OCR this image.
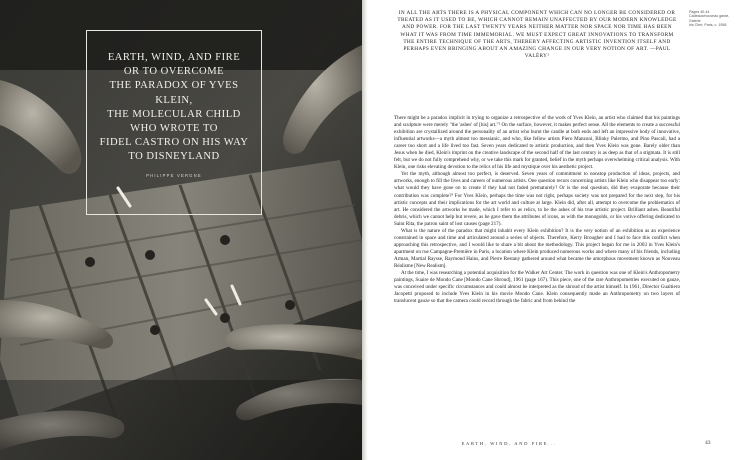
EARTH, WIND, AND FIRE
OR TO OVERCOME
THE PARADOX OF YVES KLEIN,
THE MOLECULAR CHILD
WHO WROTE TO
FIDEL CASTRO ON HIS WAY
TO DISNEYLAND
PHILIPPE VERGNE
Pages 40-44
Cadeaux/nouveau garde, Galerie
Iris Clert, Paris, c. 1958
IN ALL THE ARTS THERE IS A PHYSICAL COMPONENT WHICH CAN NO LONGER BE CONSIDERED OR TREATED AS IT USED TO BE, WHICH CANNOT REMAIN UNAFFECTED BY OUR MODERN KNOWLEDGE AND POWER. FOR THE LAST TWENTY YEARS NEITHER MATTER NOR SPACE NOR TIME HAS BEEN WHAT IT WAS FROM TIME IMMEMORIAL. WE MUST EXPECT GREAT INNOVATIONS TO TRANSFORM THE ENTIRE TECHNIQUE OF THE ARTS, THEREBY AFFECTING ARTISTIC INVENTION ITSELF AND PERHAPS EVEN BRINGING ABOUT AN AMAZING CHANGE IN OUR VERY NOTION OF ART. —PAUL VALÉRY¹

There might be a paradox implicit in trying to organize a retrospective of the work of Yves Klein, an artist who claimed that his paintings and sculpture were merely "the 'ashes' of [his] art."² On the surface, however, it makes perfect sense. All the elements to create a successful exhibition are crystallized around the personality of an artist who burnt the candle at both ends and left an impressive body of innovative, influential artworks—a myth almost too messianic, and who, like fellow artists Piero Manzoni, Blinky Palermo, and Pino Pascali, had a career too short and a life lived too fast. Seven years dedicated to artistic production, and then Yves Klein was gone. Barely older than Jesus when he died, Klein's imprint on the creative landscape of the second half of the last century is as deep as that of a stigmata. It is still felt, but we do not fully comprehend why, or we take this mark for granted, belief in the myth perhaps overwhelming critical analysis. With Klein, one risks elevating devotion to the relics of his life and mystique over his aesthetic project.

Yet the myth, although almost too perfect, is deserved. Seven years of commitment to nonstop production of ideas, projects, and artworks, enough to fill the lives and careers of numerous artists. One question recurs concerning artists like Klein who disappear too early: what would they have gone on to create if they had not faded prematurely? Or is the real question, did they evaporate because their contribution was complete?³ For Yves Klein, perhaps the time was not right, perhaps society was not prepared for the next step, for his artistic concepts and their implications for the art world and culture at large. Klein did, after all, attempt to overcome the problematics of art. He considered the artworks he made, which I refer to as relics, to be the ashes of his true artistic project. Brilliant ashes. Beautiful debris, which we cannot help but revere, as he gave them the attributes of icons, as with the monogolds, or his votive offering dedicated to Saint Rita, the patron saint of lost causes (page 217).

What is the nature of the paradox that might inhabit every Klein exhibition? It is the very notion of an exhibition as an experience constrained in space and time and articulated around a series of objects. Therefore, Kerry Brougher and I had to face this conflict when approaching this retrospective, and I would like to share a bit about the methodology. This project began for me in 2003 in Yves Klein's apartment on rue Campagne-Première in Paris, a location where Klein produced numerous works and where many of his friends, including Arman, Martial Raysse, Raymond Hains, and Pierre Restany gathered around what became the amorphous movement known as Nouveau Réalisme [New Realism].

At the time, I was researching a potential acquisition for the Walker Art Center. The work in question was one of Klein's Anthropometry paintings, Suaire de Mondo Cane [Mondo Cane Shroud], 1961 (page 167). This piece, one of the rare Anthropometries executed on gauze, was conceived under specific circumstances and could almost be interpreted as the shroud of the artist himself. In 1961, Director Gualtiero Jacopetti proposed to include Yves Klein in his movie Mondo Cane. Klein consequently made an Anthropometry on two layers of translucent gauze so that the camera could record through the fabric and from behind the

EARTH, WIND, AND FIRE...	43
